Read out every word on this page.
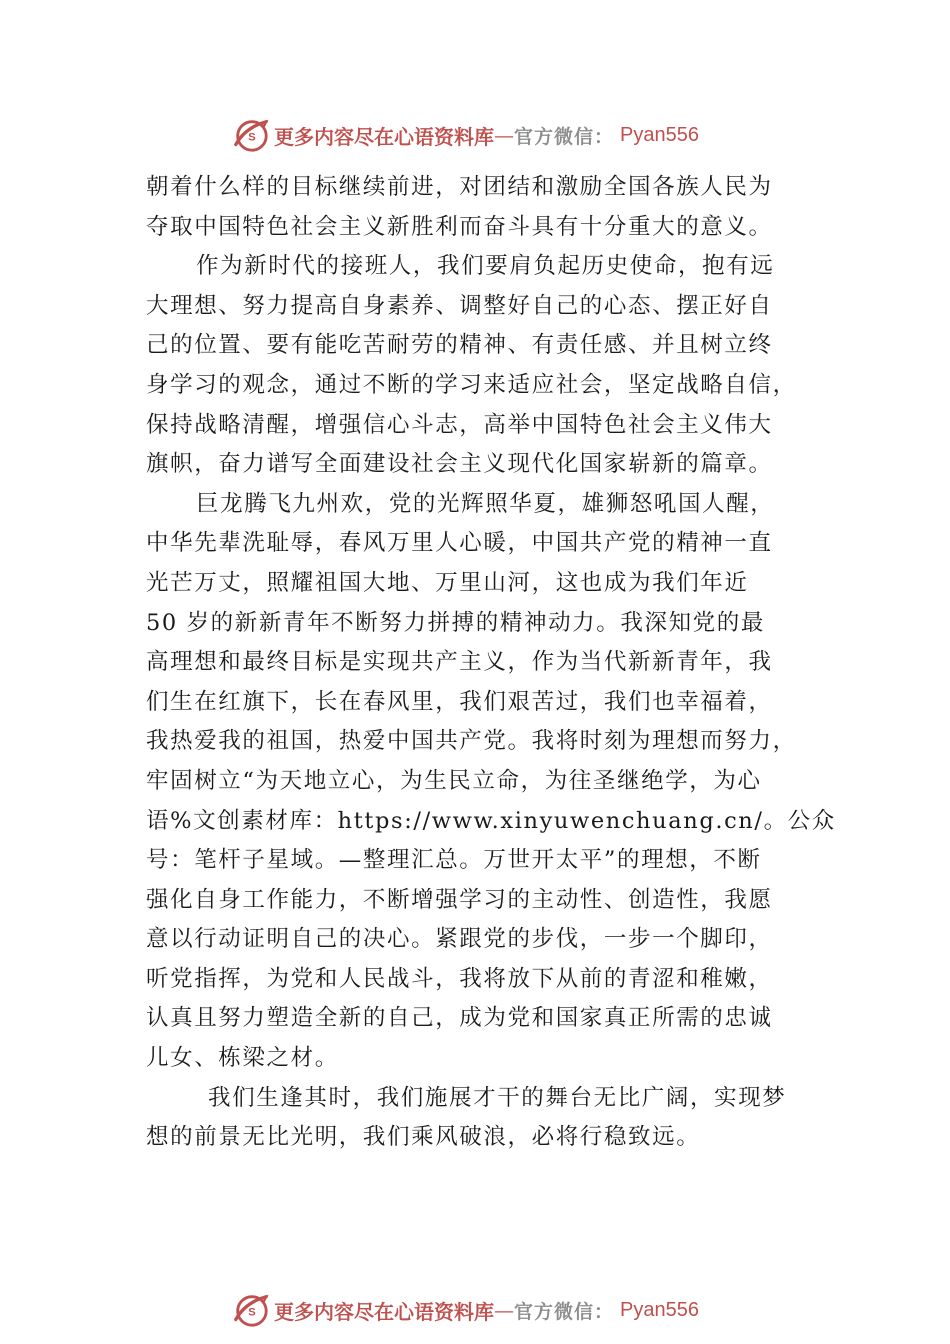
S 更多内容尽在心语资料库 — 官方微信： Pyan556
朝着什么样的目标继续前进，对团结和激励全国各族人民为
夺取中国特色社会主义新胜利而奋斗具有十分重大的意义。
作为新时代的接班人，我们要肩负起历史使命，抱有远
大理想、努力提高自身素养、调整好自己的心态、摆正好自
己的位置、要有能吃苦耐劳的精神、有责任感、并且树立终
身学习的观念，通过不断的学习来适应社会，坚定战略自信，
保持战略清醒，增强信心斗志，高举中国特色社会主义伟大
旗帜，奋力谱写全面建设社会主义现代化国家崭新的篇章。
巨龙腾飞九州欢，党的光辉照华夏，雄狮怒吼国人醒，
中华先辈洗耻辱，春风万里人心暖，中国共产党的精神一直
光芒万丈，照耀祖国大地、万里山河，这也成为我们年近
50 岁的新新青年不断努力拼搏的精神动力。我深知党的最
高理想和最终目标是实现共产主义，作为当代新新青年，我
们生在红旗下，长在春风里，我们艰苦过，我们也幸福着，
我热爱我的祖国，热爱中国共产党。我将时刻为理想而努力，
牢固树立“为天地立心，为生民立命，为往圣继绝学，为心
语%文创素材库：https://www.xinyuwenchuang.cn/。公众
号：笔杆子星域。—整理汇总。万世开太平”的理想，不断
强化自身工作能力，不断增强学习的主动性、创造性，我愿
意以行动证明自己的决心。紧跟党的步伐，一步一个脚印，
听党指挥，为党和人民战斗，我将放下从前的青涩和稚嫩，
认真且努力塑造全新的自己，成为党和国家真正所需的忠诚
儿女、栋梁之材。
我们生逢其时，我们施展才干的舞台无比广阔，实现梦
想的前景无比光明，我们乘风破浪，必将行稳致远。
S 更多内容尽在心语资料库 — 官方微信： Pyan556
